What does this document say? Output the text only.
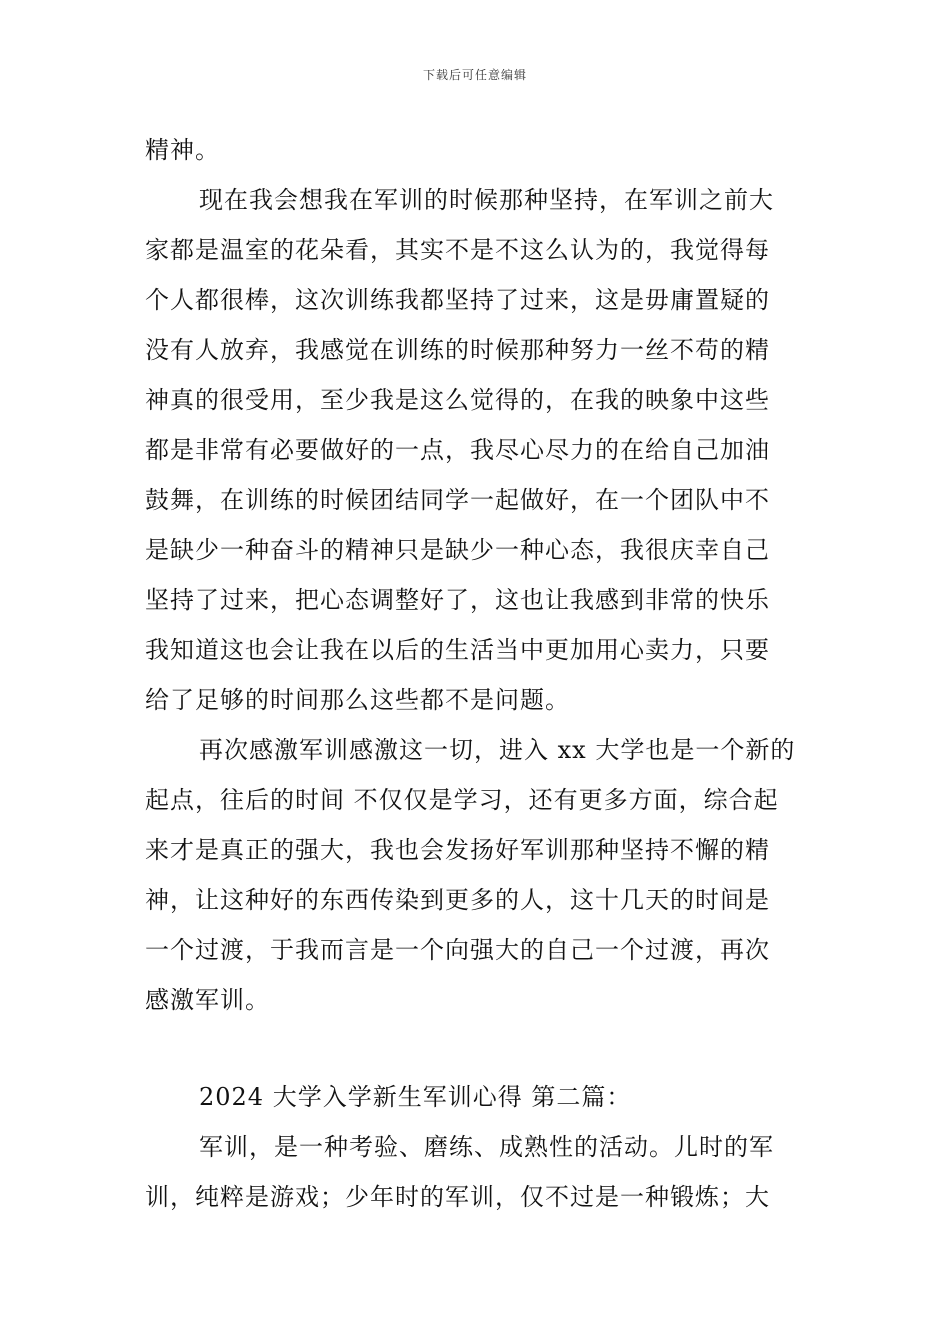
下载后可任意编辑
精神。
现在我会想我在军训的时候那种坚持，在军训之前大
家都是温室的花朵看，其实不是不这么认为的，我觉得每
个人都很棒，这次训练我都坚持了过来，这是毋庸置疑的
没有人放弃，我感觉在训练的时候那种努力一丝不苟的精
神真的很受用，至少我是这么觉得的，在我的映象中这些
都是非常有必要做好的一点，我尽心尽力的在给自己加油
鼓舞，在训练的时候团结同学一起做好，在一个团队中不
是缺少一种奋斗的精神只是缺少一种心态，我很庆幸自己
坚持了过来，把心态调整好了，这也让我感到非常的快乐
我知道这也会让我在以后的生活当中更加用心卖力，只要
给了足够的时间那么这些都不是问题。
再次感激军训感激这一切，进入 xx 大学也是一个新的
起点，往后的时间 不仅仅是学习，还有更多方面，综合起
来才是真正的强大，我也会发扬好军训那种坚持不懈的精
神，让这种好的东西传染到更多的人，这十几天的时间是
一个过渡，于我而言是一个向强大的自己一个过渡，再次
感激军训。
2024 大学入学新生军训心得 第二篇：
军训，是一种考验、磨练、成熟性的活动。儿时的军
训，纯粹是游戏；少年时的军训，仅不过是一种锻炼；大
